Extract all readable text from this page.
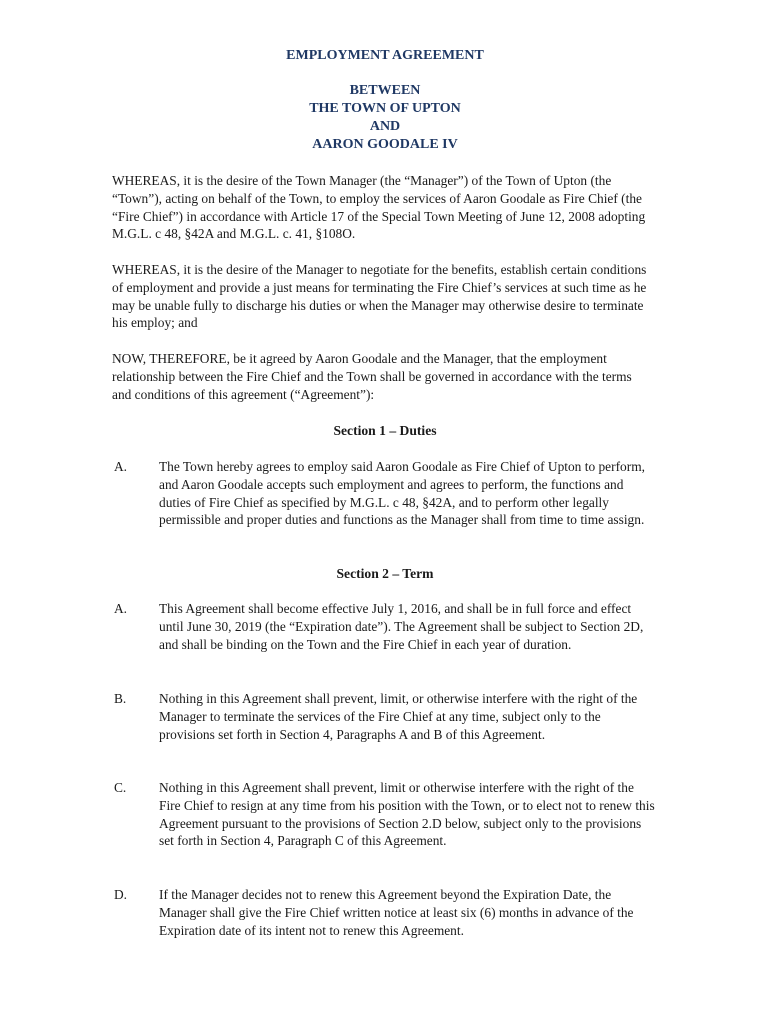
EMPLOYMENT AGREEMENT
BETWEEN
THE TOWN OF UPTON
AND
AARON GOODALE IV

WHEREAS, it is the desire of the Town Manager (the “Manager”) of the Town of Upton (the “Town”), acting on behalf of the Town, to employ the services of Aaron Goodale as Fire Chief (the “Fire Chief”) in accordance with Article 17 of the Special Town Meeting of June 12, 2008 adopting M.G.L. c 48, §42A and M.G.L. c. 41, §108O.

WHEREAS, it is the desire of the Manager to negotiate for the benefits, establish certain conditions of employment and provide a just means for terminating the Fire Chief’s services at such time as he may be unable fully to discharge his duties or when the Manager may otherwise desire to terminate his employ; and

NOW, THEREFORE, be it agreed by Aaron Goodale and the Manager, that the employment relationship between the Fire Chief and the Town shall be governed in accordance with the terms and conditions of this agreement (“Agreement”):

Section 1 – Duties
A. The Town hereby agrees to employ said Aaron Goodale as Fire Chief of Upton to perform, and Aaron Goodale accepts such employment and agrees to perform, the functions and duties of Fire Chief as specified by M.G.L. c 48, §42A, and to perform other legally permissible and proper duties and functions as the Manager shall from time to time assign.

Section 2 – Term
A. This Agreement shall become effective July 1, 2016, and shall be in full force and effect until June 30, 2019 (the “Expiration date”). The Agreement shall be subject to Section 2D, and shall be binding on the Town and the Fire Chief in each year of duration.

B. Nothing in this Agreement shall prevent, limit, or otherwise interfere with the right of the Manager to terminate the services of the Fire Chief at any time, subject only to the provisions set forth in Section 4, Paragraphs A and B of this Agreement.

C. Nothing in this Agreement shall prevent, limit or otherwise interfere with the right of the Fire Chief to resign at any time from his position with the Town, or to elect not to renew this Agreement pursuant to the provisions of Section 2.D below, subject only to the provisions set forth in Section 4, Paragraph C of this Agreement.

D. If the Manager decides not to renew this Agreement beyond the Expiration Date, the Manager shall give the Fire Chief written notice at least six (6) months in advance of the Expiration date of its intent not to renew this Agreement.
